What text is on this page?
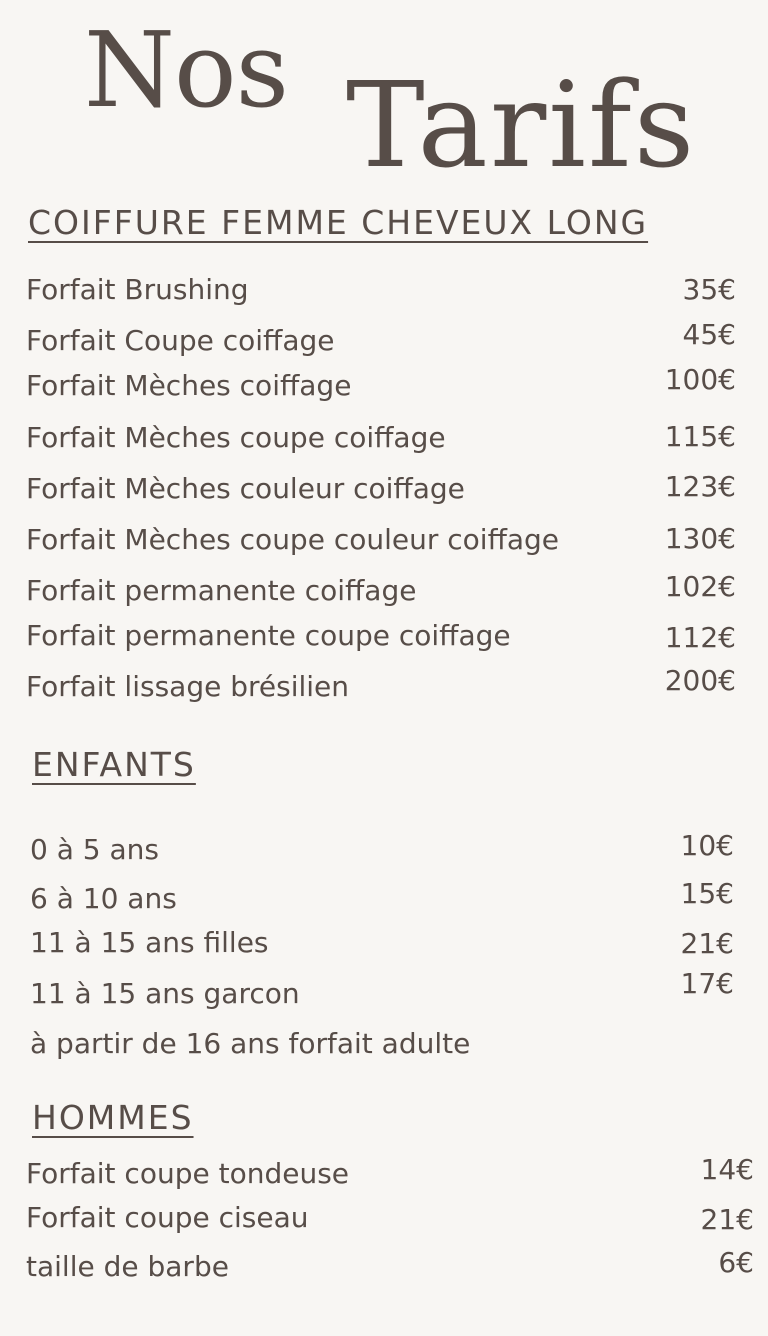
Nos Tarifs
COIFFURE FEMME CHEVEUX LONG
Forfait Brushing	35€
Forfait Coupe coiffage	45€
Forfait Mèches coiffage	100€
Forfait Mèches coupe coiffage	115€
Forfait Mèches couleur coiffage	123€
Forfait Mèches coupe couleur coiffage	130€
Forfait permanente coiffage	102€
Forfait permanente coupe coiffage	112€
Forfait lissage brésilien	200€
ENFANTS
0 à 5 ans	10€
6 à 10 ans	15€
11 à 15 ans filles	21€
11 à 15 ans garcon	17€
à partir de 16 ans forfait adulte
HOMMES
Forfait coupe tondeuse	14€
Forfait coupe ciseau	21€
taille de barbe	6€
